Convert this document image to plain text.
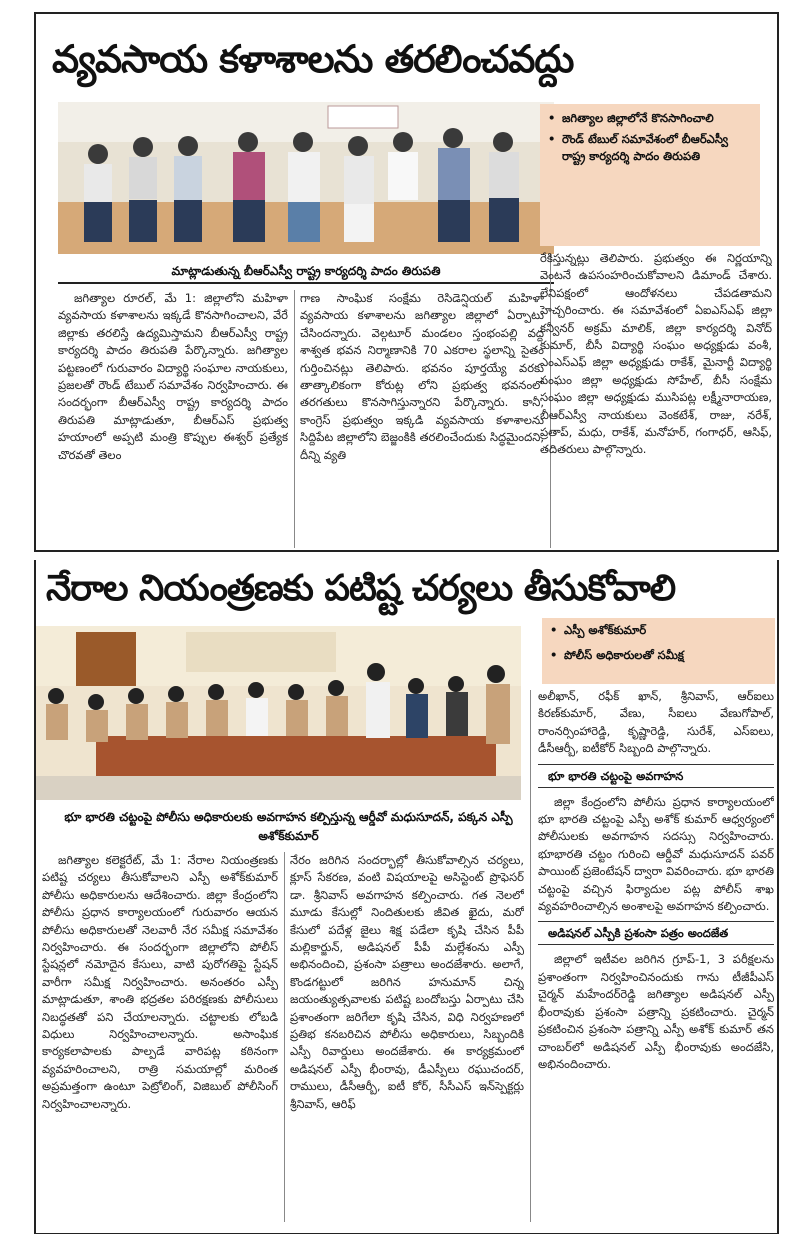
వ్యవసాయ కళాశాలను తరలించవద్దు
• జగిత్యాల జిల్లాలోనే కొనసాగించాలి
• రౌండ్ టేబుల్ సమావేశంలో బీఆర్ఎస్వీ రాష్ట్ర కార్యదర్శి పాదం తిరుపతి
మాట్లాడుతున్న బీఆర్ఎస్వీ రాష్ట్ర కార్యదర్శి పాదం తిరుపతి

జగిత్యాల రూరల్, మే 1: జిల్లాలోని మహిళా వ్యవసాయ కళాశాలను ఇక్కడే కొనసాగించాలని, వేరే జిల్లాకు తరలిస్తే ఉద్యమిస్తామని బీఆర్ఎస్వీ రాష్ట్ర కార్యదర్శి పాదం తిరుపతి పేర్కొన్నారు. జగిత్యాల పట్టణంలో గురువారం విద్యార్థి సంఘాల నాయకులు, ప్రజలతో రౌండ్ టేబుల్ సమావేశం నిర్వహించారు. ఈ సందర్భంగా బీఆర్ఎస్వీ రాష్ట్ర కార్యదర్శి పాదం తిరుపతి మాట్లాడుతూ, బీఆర్ఎస్ ప్రభుత్వ హయాంలో అప్పటి మంత్రి కొప్పుల ఈశ్వర్ ప్రత్యేక చొరవతో తెలం

గాణ సాంఘిక సంక్షేమ రెసిడెన్షియల్ మహిళా వ్యవసాయ కళాశాలను జగిత్యాల జిల్లాలో ఏర్పాటు చేసిందన్నారు. వెల్గటూర్ మండలం స్తంభంపల్లి వద్ద శాశ్వత భవన నిర్మాణానికి 70 ఎకరాల స్థలాన్ని సైతం గుర్తించినట్లు తెలిపారు. భవనం పూర్తయ్యే వరకు తాత్కాలికంగా కోరుట్ల లోని ప్రభుత్వ భవనంలో తరగతులు కొనసాగిస్తున్నారని పేర్కొన్నారు. కానీ, కాంగ్రెస్ ప్రభుత్వం ఇక్కడి వ్యవసాయ కళాశాలను సిద్దిపేట జిల్లాలోని బెజ్జంకికి తరలించేందుకు సిద్ధమైందని, దీన్ని వ్యతి

రేకిస్తున్నట్లు తెలిపారు. ప్రభుత్వం ఈ నిర్ణయాన్ని వెంటనే ఉపసంహరించుకోవాలని డిమాండ్ చేశారు. లేనిపక్షంలో ఆందోళనలు చేపడతామని హెచ్చరించారు. ఈ సమావేశంలో ఏఐఎస్ఎఫ్ జిల్లా కన్వీనర్ అక్రమ్ మాలిక్, జిల్లా కార్యదర్శి వినోద్ కుమార్, బీసీ విద్యార్థి సంఘం అధ్యక్షుడు వంశీ, ఎంఎస్ఎఫ్ జిల్లా అధ్యక్షుడు రాకేశ్, మైనార్టీ విద్యార్థి సంఘం జిల్లా అధ్యక్షుడు సోహేల్, బీసీ సంక్షేమ సంఘం జిల్లా అధ్యక్షుడు ముసిపట్ల లక్ష్మీనారాయణ, బీఆర్ఎస్వీ నాయకులు వెంకటేశ్, రాజు, నరేశ్, ప్రతాప్, మధు, రాకేశ్, మనోహర్, గంగాధర్, ఆసిఫ్, తదితరులు పాల్గొన్నారు.

నేరాల నియంత్రణకు పటిష్ట చర్యలు తీసుకోవాలి
• ఎస్పీ అశోక్‌కుమార్
• పోలీస్ అధికారులతో సమీక్ష
భూ భారతి చట్టంపై పోలీసు అధికారులకు అవగాహన కల్పిస్తున్న ఆర్డీవో మధుసూదన్, పక్కన ఎస్పీ అశోక్‌కుమార్

జగిత్యాల కలెక్టరేట్, మే 1: నేరాల నియంత్రణకు పటిష్ట చర్యలు తీసుకోవాలని ఎస్పీ అశోక్‌కుమార్ పోలీసు అధికారులను ఆదేశించారు. జిల్లా కేంద్రంలోని పోలీసు ప్రధాన కార్యాలయంలో గురువారం ఆయన పోలీసు అధికారులతో నెలవారీ నేర సమీక్ష సమావేశం నిర్వహించారు. ఈ సందర్భంగా జిల్లాలోని పోలీస్ స్టేషన్లలో నమోదైన కేసులు, వాటి పురోగతిపై స్టేషన్ వారీగా సమీక్ష నిర్వహించారు. అనంతరం ఎస్పీ మాట్లాడుతూ, శాంతి భద్రతల పరిరక్షణకు పోలీసులు నిబద్ధతతో పని చేయాలన్నారు. చట్టాలకు లోబడి విధులు నిర్వహించాలన్నారు. అసాంఘిక కార్యకలాపాలకు పాల్పడే వారిపట్ల కఠినంగా వ్యవహరించాలని, రాత్రి సమయాల్లో మరింత అప్రమత్తంగా ఉంటూ పెట్రోలింగ్, విజిబుల్ పోలీసింగ్ నిర్వహించాలన్నారు.

నేరం జరిగిన సందర్భాల్లో తీసుకోవాల్సిన చర్యలు, క్లూస్ సేకరణ, వంటి విషయాలపై అసిస్టెంట్ ప్రొఫెసర్ డా. శ్రీనివాస్ అవగాహన కల్పించారు. గత నెలలో మూడు కేసుల్లో నిందితులకు జీవిత ఖైదు, మరో కేసులో పదేళ్ల జైలు శిక్ష పడేలా కృషి చేసిన పీపీ మల్లికార్జున్, అడిషనల్ పీపీ మల్లేశంను ఎస్పీ అభినందించి, ప్రశంసా పత్రాలు అందజేశారు. అలాగే, కొండగట్టులో జరిగిన హనుమాన్ చిన్న జయంత్యుత్సవాలకు పటిష్ట బందోబస్తు ఏర్పాటు చేసి ప్రశాంతంగా జరిగేలా కృషి చేసిన, విధి నిర్వహణలో ప్రతిభ కనబరిచిన పోలీసు అధికారులు, సిబ్బందికి ఎస్పీ రివార్డులు అందజేశారు. ఈ కార్యక్రమంలో అడిషనల్ ఎస్పీ భీంరావు, డీఎస్పీలు రఘుచందర్, రాములు, డీసీఆర్బీ, ఐటీ కోర్, సీసీఎస్ ఇన్‌స్పెక్టర్లు శ్రీనివాస్, ఆరిఫ్

అలీఖాన్, రఫీక్ ఖాన్, శ్రీనివాస్, ఆర్ఐలు కిరణ్‌కుమార్, వేణు, సీఐలు వేణుగోపాల్, రాంనర్సింహారెడ్డి, కృష్ణారెడ్డి, సురేశ్, ఎస్ఐలు, డీసీఆర్బీ, ఐటీకోర్ సిబ్బంది పాల్గొన్నారు.

భూ భారతి చట్టంపై అవగాహన

జిల్లా కేంద్రంలోని పోలీసు ప్రధాన కార్యాలయంలో భూ భారతి చట్టంపై ఎస్పీ అశోక్ కుమార్ ఆధ్వర్యంలో పోలీసులకు అవగాహన సదస్సు నిర్వహించారు. భూభారతి చట్టం గురించి ఆర్డీవో మధుసూదన్ పవర్ పాయింట్ ప్రజెంటేషన్ ద్వారా వివరించారు. భూ భారతి చట్టంపై వచ్చిన ఫిర్యాదుల పట్ల పోలీస్ శాఖ వ్యవహరించాల్సిన అంశాలపై అవగాహన కల్పించారు.

అడిషనల్ ఎస్పీకి ప్రశంసా పత్రం అందజేత

జిల్లాలో ఇటీవల జరిగిన గ్రూప్-1, 3 పరీక్షలను ప్రశాంతంగా నిర్వహించినందుకు గాను టీజీపీఎస్ చైర్మన్ మహేందర్‌రెడ్డి జగిత్యాల అడిషనల్ ఎస్పీ భీంరావుకు ప్రశంసా పత్రాన్ని ప్రకటించారు. చైర్మన్ ప్రకటించిన ప్రశంసా పత్రాన్ని ఎస్పీ అశోక్ కుమార్ తన చాంబర్‌లో అడిషనల్ ఎస్పీ భీంరావుకు అందజేసి, అభినందించారు.
